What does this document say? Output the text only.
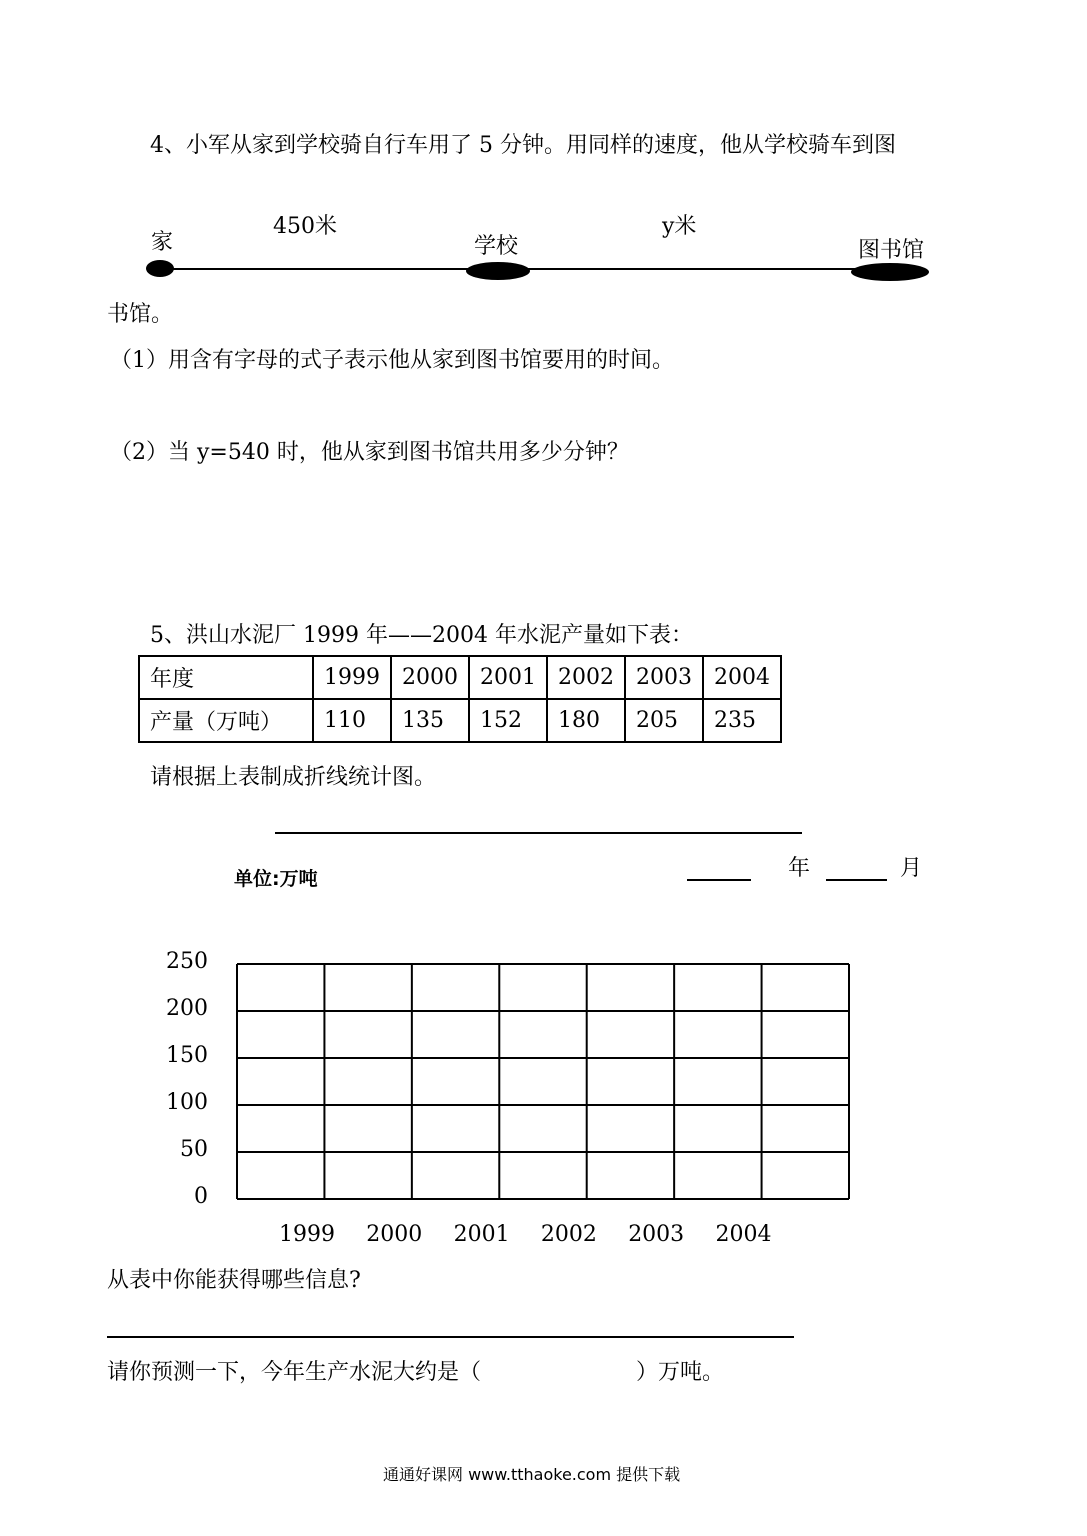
4、小军从家到学校骑自行车用了 5 分钟。用同样的速度，他从学校骑车到图
家
450米
学校
y米
图书馆
书馆。
（1）用含有字母的式子表示他从家到图书馆要用的时间。
（2）当 y=540 时，他从家到图书馆共用多少分钟？
5、洪山水泥厂 1999 年——2004 年水泥产量如下表：
年度	1999	2000	2001	2002	2003	2004
产量（万吨）	110	135	152	180	205	235
请根据上表制成折线统计图。
单位:万吨	年	月
250
200
150
100
50
0
1999	2000	2001	2002	2003	2004
从表中你能获得哪些信息?
请你预测一下，今年生产水泥大约是（	）万吨。
通通好课网 www.tthaoke.com 提供下载
